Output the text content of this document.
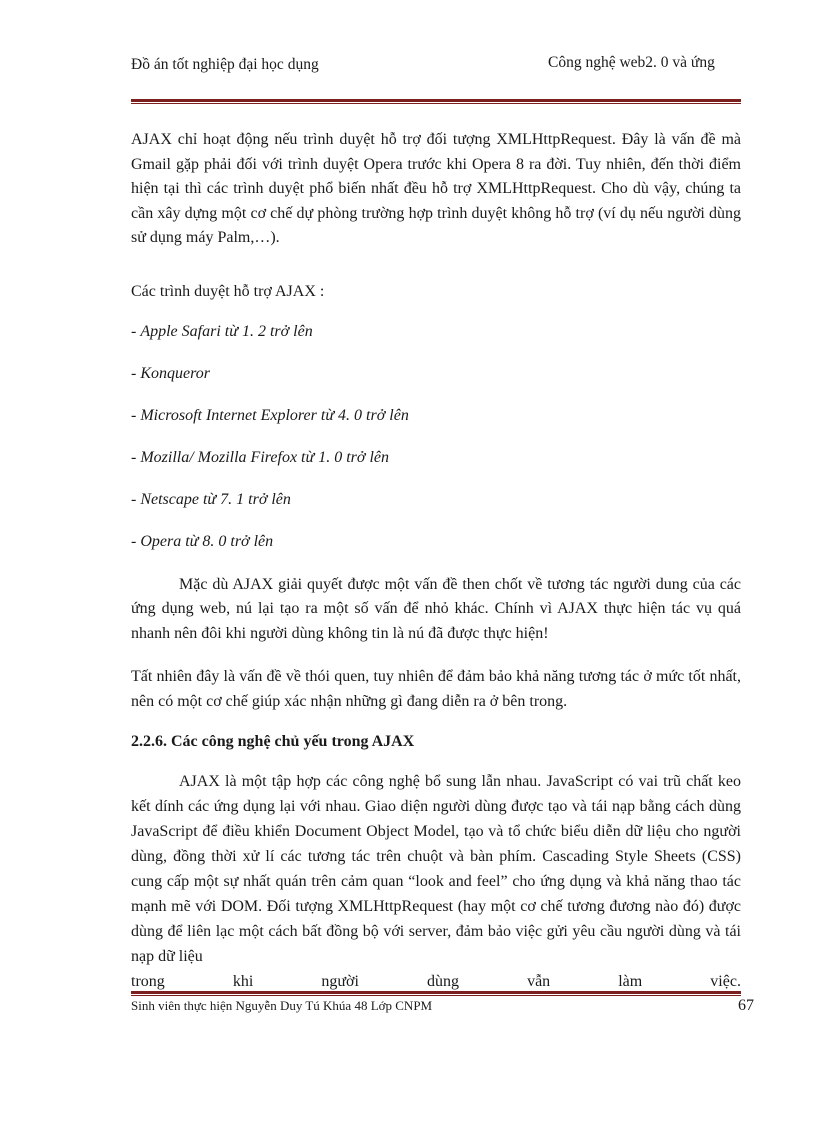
Đồ án tốt nghiệp đại học dụng	Công nghệ web2. 0 và ứng

AJAX chỉ hoạt động nếu trình duyệt hỗ trợ đối tượng XMLHttpRequest. Đây là vấn đề mà Gmail gặp phải đối với trình duyệt Opera trước khi Opera 8 ra đời. Tuy nhiên, đến thời điểm hiện tại thì các trình duyệt phổ biến nhất đều hỗ trợ XMLHttpRequest. Cho dù vậy, chúng ta cần xây dựng một cơ chế dự phòng trường hợp trình duyệt không hỗ trợ (ví dụ nếu người dùng sử dụng máy Palm,…).

Các trình duyệt hỗ trợ AJAX :

- Apple Safari từ 1. 2 trở lên
- Konqueror
- Microsoft Internet Explorer từ 4. 0 trở lên
- Mozilla/ Mozilla Firefox từ 1. 0 trở lên
- Netscape từ 7. 1 trở lên
- Opera từ 8. 0 trở lên

Mặc dù AJAX giải quyết được một vấn đề then chốt về tương tác người dung của các ứng dụng web, nú lại tạo ra một số vấn để nhỏ khác. Chính vì AJAX thực hiện tác vụ quá nhanh nên đôi khi người dùng không tin là nú đã được thực hiện!

Tất nhiên đây là vấn đề về thói quen, tuy nhiên để đảm bảo khả năng tương tác ở mức tốt nhất, nên có một cơ chế giúp xác nhận những gì đang diễn ra ở bên trong.

2.2.6. Các công nghệ chủ yếu trong AJAX

AJAX là một tập hợp các công nghệ bổ sung lẫn nhau. JavaScript có vai trũ chất keo kết dính các ứng dụng lại với nhau. Giao diện người dùng được tạo và tái nạp bằng cách dùng JavaScript để điều khiển Document Object Model, tạo và tổ chức biểu diễn dữ liệu cho người dùng, đồng thời xử lí các tương tác trên chuột và bàn phím. Cascading Style Sheets (CSS) cung cấp một sự nhất quán trên cảm quan “look and feel” cho ứng dụng và khả năng thao tác mạnh mẽ với DOM. Đối tượng XMLHttpRequest (hay một cơ chế tương đương nào đó) được dùng để liên lạc một cách bất đồng bộ với server, đảm bảo việc gửi yêu cầu người dùng và tái nạp dữ liệu

trong	khi	người	dùng	vẫn	làm	việc.
Sinh viên thực hiện Nguyễn Duy Tú Khúa 48 Lớp CNPM	67
